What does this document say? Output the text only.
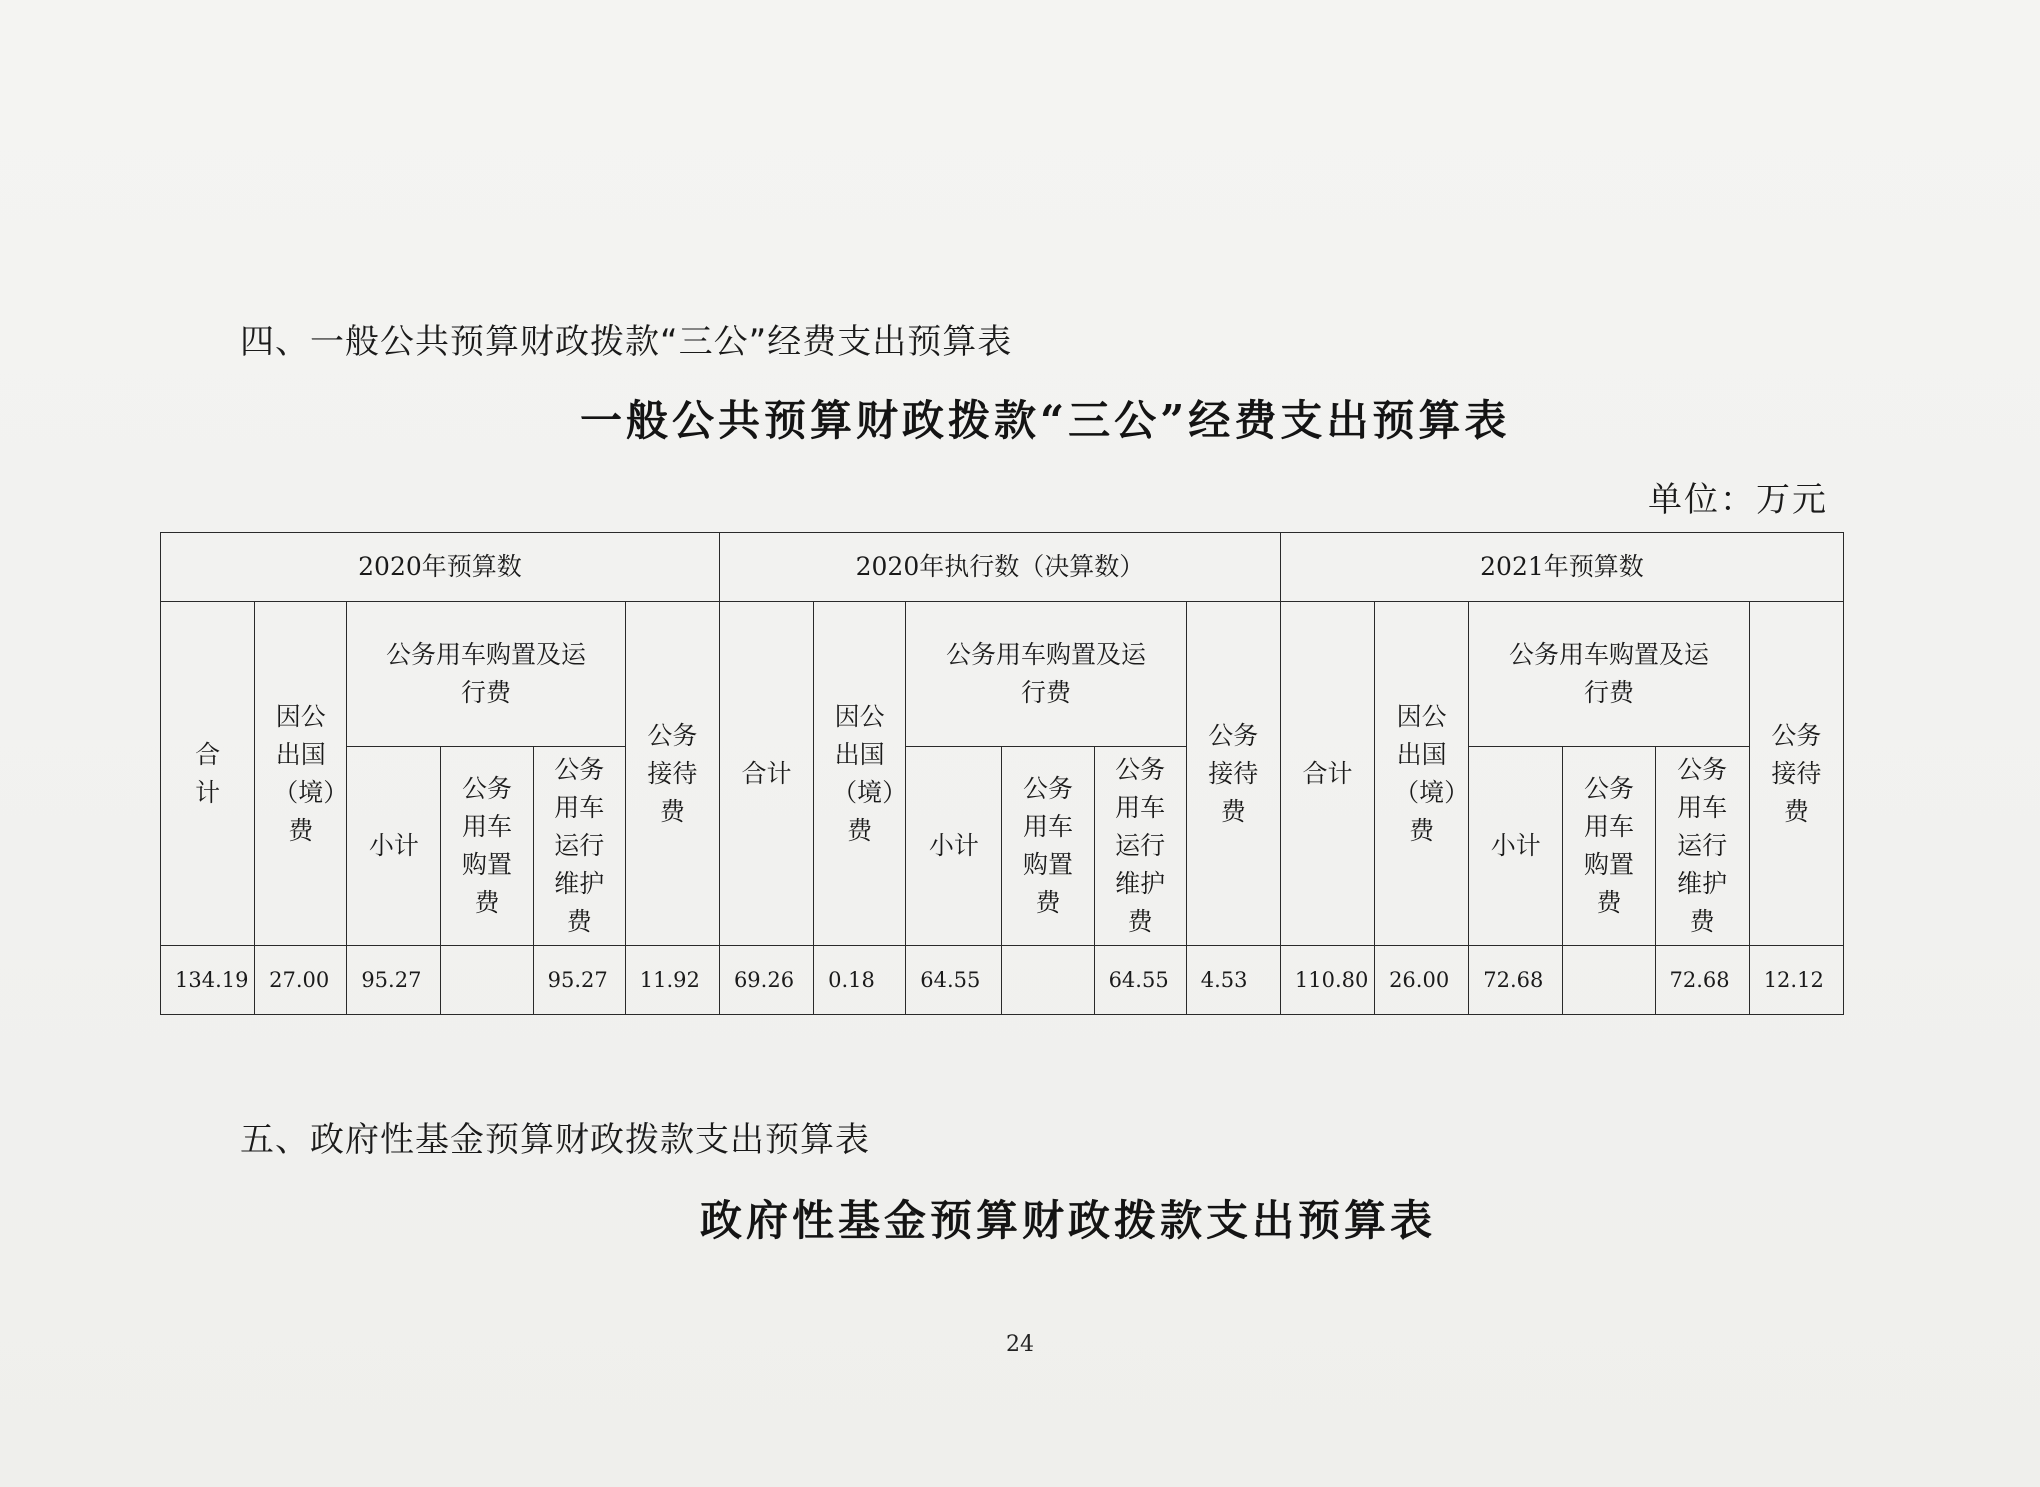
四、一般公共预算财政拨款“三公”经费支出预算表
一般公共预算财政拨款“三公”经费支出预算表
单位：万元
2020年预算数						2020年执行数（决算数）						2021年预算数					
合计	因公出国（境）费	公务用车购置及运行费			公务接待费	合计	因公出国（境）费	公务用车购置及运行费			公务接待费	合计	因公出国（境）费	公务用车购置及运行费			公务接待费
		小计	公务用车购置费	公务用车运行维护费				小计	公务用车购置费	公务用车运行维护费				小计	公务用车购置费	公务用车运行维护费	
134.19	27.00	95.27		95.27	11.92	69.26	0.18	64.55		64.55	4.53	110.80	26.00	72.68		72.68	12.12
五、政府性基金预算财政拨款支出预算表
政府性基金预算财政拨款支出预算表
24
